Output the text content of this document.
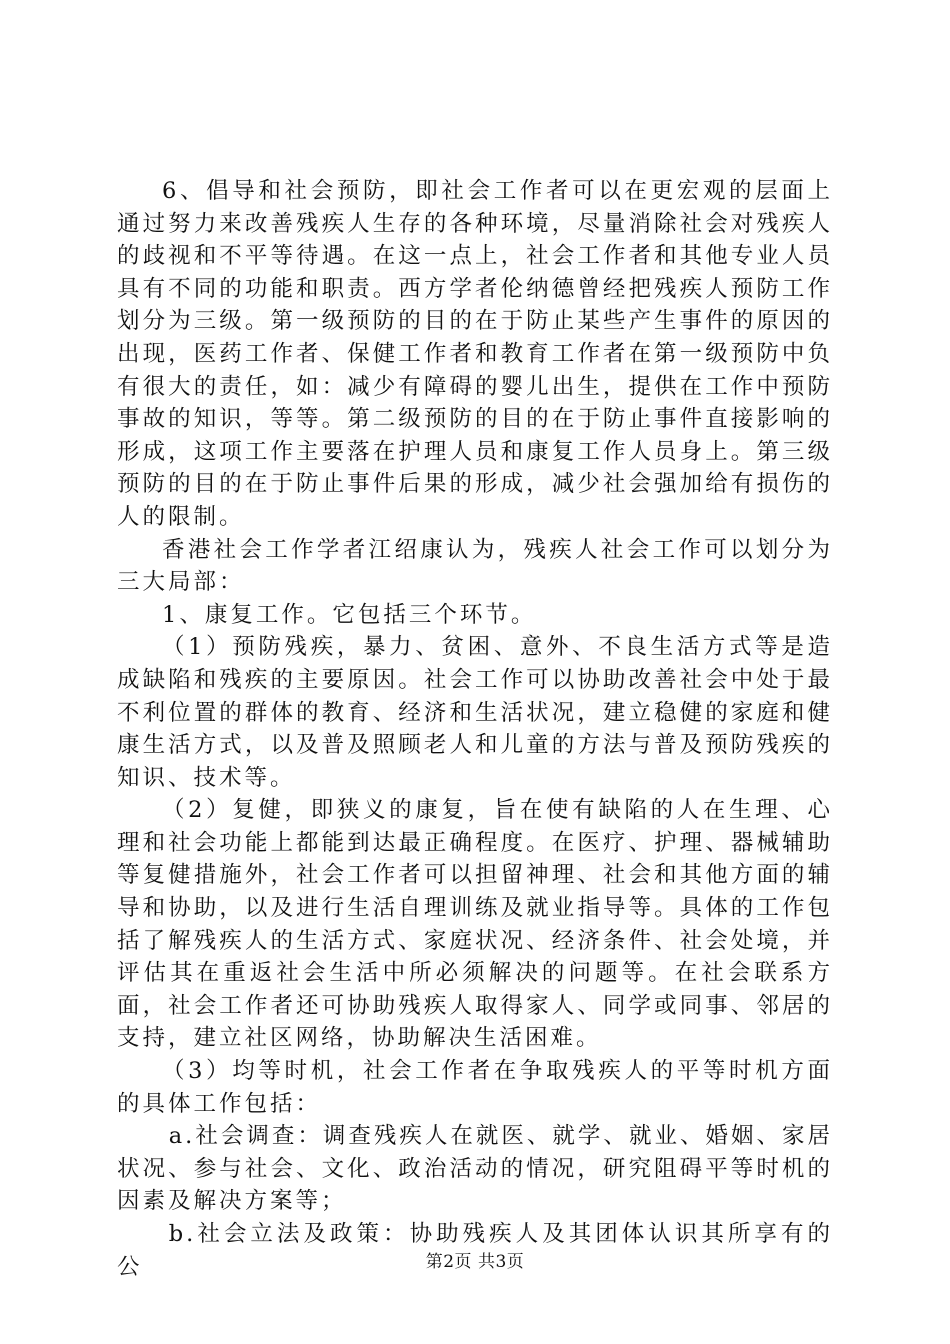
6、倡导和社会预防，即社会工作者可以在更宏观的层面上通过努力来改善残疾人生存的各种环境，尽量消除社会对残疾人的歧视和不平等待遇。在这一点上，社会工作者和其他专业人员具有不同的功能和职责。西方学者伦纳德曾经把残疾人预防工作划分为三级。第一级预防的目的在于防止某些产生事件的原因的出现，医药工作者、保健工作者和教育工作者在第一级预防中负有很大的责任，如：减少有障碍的婴儿出生，提供在工作中预防事故的知识，等等。第二级预防的目的在于防止事件直接影响的形成，这项工作主要落在护理人员和康复工作人员身上。第三级预防的目的在于防止事件后果的形成，减少社会强加给有损伤的人的限制。

香港社会工作学者江绍康认为，残疾人社会工作可以划分为三大局部：

1、康复工作。它包括三个环节。

（1）预防残疾，暴力、贫困、意外、不良生活方式等是造成缺陷和残疾的主要原因。社会工作可以协助改善社会中处于最不利位置的群体的教育、经济和生活状况，建立稳健的家庭和健康生活方式，以及普及照顾老人和儿童的方法与普及预防残疾的知识、技术等。

（2）复健，即狭义的康复，旨在使有缺陷的人在生理、心理和社会功能上都能到达最正确程度。在医疗、护理、器械辅助等复健措施外，社会工作者可以担留神理、社会和其他方面的辅导和协助，以及进行生活自理训练及就业指导等。具体的工作包括了解残疾人的生活方式、家庭状况、经济条件、社会处境，并评估其在重返社会生活中所必须解决的问题等。在社会联系方面，社会工作者还可协助残疾人取得家人、同学或同事、邻居的支持，建立社区网络，协助解决生活困难。

（3）均等时机，社会工作者在争取残疾人的平等时机方面的具体工作包括：

a.社会调查：调查残疾人在就医、就学、就业、婚姻、家居状况、参与社会、文化、政治活动的情况，研究阻碍平等时机的因素及解决方案等；

b.社会立法及政策：协助残疾人及其团体认识其所享有的公	第2页 共3页
